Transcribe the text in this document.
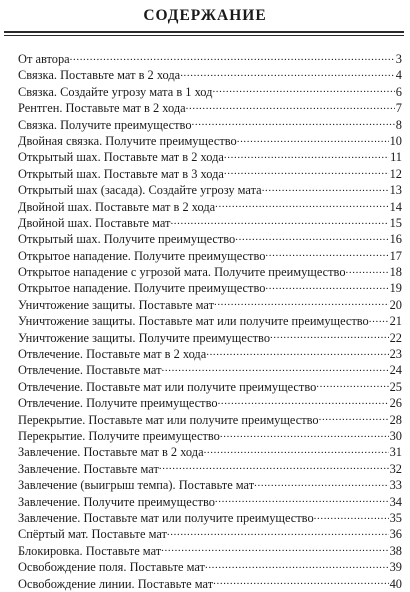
СОДЕРЖАНИЕ
От автора .....	3
Связка. Поставьте мат в 2 хода .....	4
Связка. Создайте угрозу мата в 1 ход .....	6
Рентген. Поставьте мат в 2 хода .....	7
Связка. Получите преимущество .....	8
Двойная связка. Получите преимущество .....	10
Открытый шах. Поставьте мат в 2 хода .....	11
Открытый шах. Поставьте мат в 3 хода .....	12
Открытый шах (засада). Создайте угрозу мата .....	13
Двойной шах. Поставьте мат в 2 хода .....	14
Двойной шах. Поставьте мат .....	15
Открытый шах. Получите преимущество .....	16
Открытое нападение. Получите преимущество .....	17
Открытое нападение с угрозой мата. Получите преимущество .....	18
Открытое нападение. Получите преимущество .....	19
Уничтожение защиты. Поставьте мат .....	20
Уничтожение защиты. Поставьте мат или получите преимущество ..... 21
Уничтожение защиты. Получите преимущество .....	22
Отвлечение. Поставьте мат в 2 хода .....	23
Отвлечение. Поставьте мат .....	24
Отвлечение. Поставьте мат или получите преимущество .....	25
Отвлечение. Получите преимущество .....	26
Перекрытие. Поставьте мат или получите преимущество .....	28
Перекрытие. Получите преимущество .....	30
Завлечение. Поставьте мат в 2 хода .....	31
Завлечение. Поставьте мат .....	32
Завлечение (выигрыш темпа). Поставьте мат .....	33
Завлечение. Получите преимущество .....	34
Завлечение. Поставьте мат или получите преимущество .....	35
Спёртый мат. Поставьте мат .....	36
Блокировка. Поставьте мат .....	38
Освобождение поля. Поставьте мат .....	39
Освобождение линии. Поставьте мат .....	40
